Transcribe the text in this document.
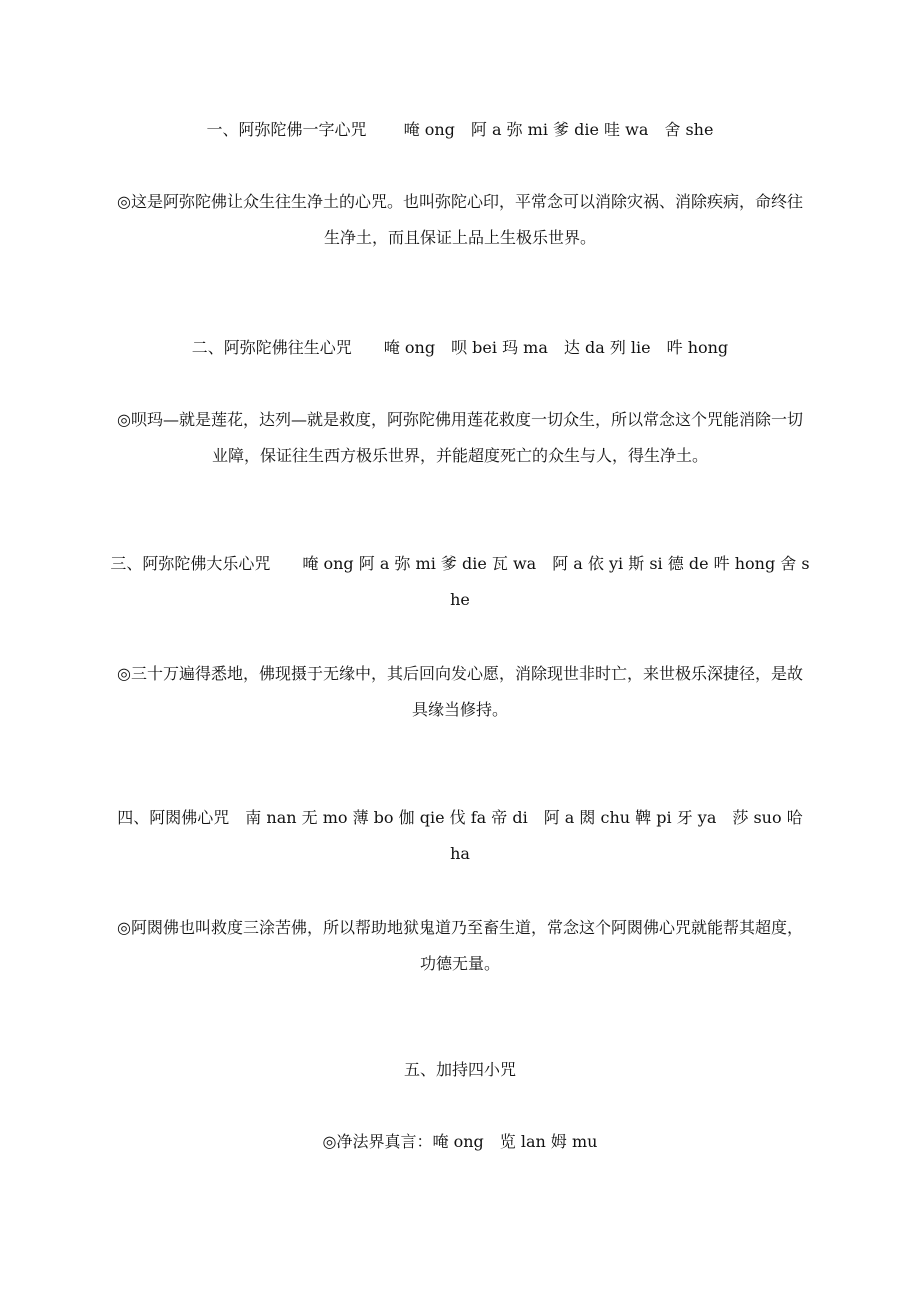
一、阿弥陀佛一字心咒　　 唵 ong　阿 a 弥 mi 爹 die 哇 wa　舍 she
◎这是阿弥陀佛让众生往生净土的心咒。也叫弥陀心印，平常念可以消除灾祸、消除疾病，命终往生净土，而且保证上品上生极乐世界。
二、阿弥陀佛往生心咒　　唵 ong　呗 bei 玛 ma　达 da 列 lie　吽 hong
◎呗玛—就是莲花，达列—就是救度，阿弥陀佛用莲花救度一切众生，所以常念这个咒能消除一切业障，保证往生西方极乐世界，并能超度死亡的众生与人，得生净土。
三、阿弥陀佛大乐心咒　　唵 ong 阿 a 弥 mi 爹 die 瓦 wa　阿 a 依 yi 斯 si 德 de 吽 hong 舍 she
◎三十万遍得悉地，佛现摄于无缘中，其后回向发心愿，消除现世非时亡，来世极乐深捷径，是故具缘当修持。
四、阿閦佛心咒　南 nan 无 mo 薄 bo 伽 qie 伐 fa 帝 di　阿 a 閦 chu 鞞 pi 牙 ya　莎 suo 哈 ha
◎阿閦佛也叫救度三涂苦佛，所以帮助地狱鬼道乃至畜生道，常念这个阿閦佛心咒就能帮其超度，功德无量。
五、加持四小咒
◎净法界真言：唵 ong　览 lan 姆 mu
